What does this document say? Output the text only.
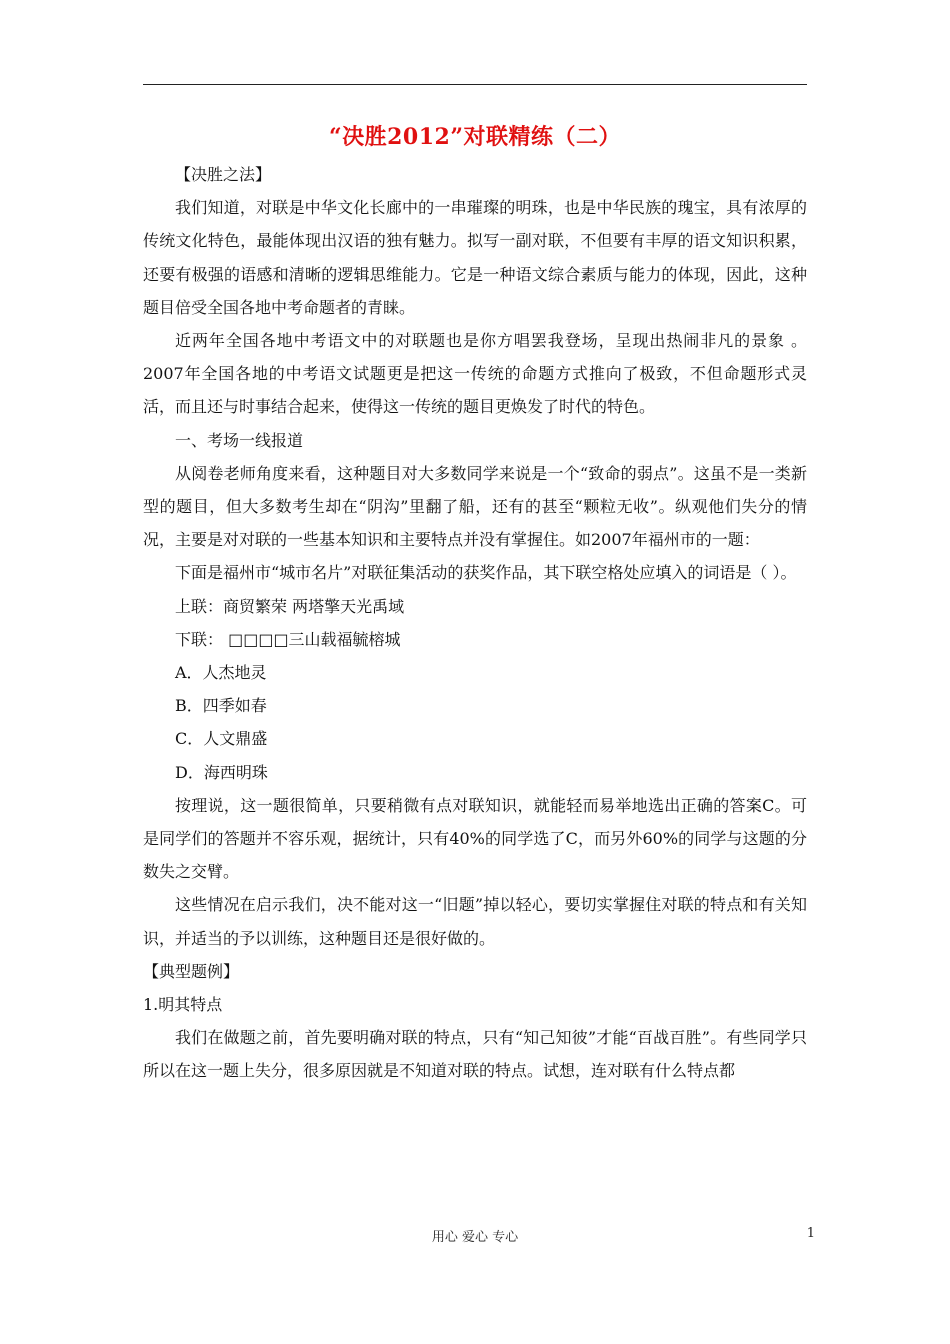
“决胜2012”对联精练（二）

【决胜之法】

我们知道，对联是中华文化长廊中的一串璀璨的明珠，也是中华民族的瑰宝，具有浓厚的传统文化特色，最能体现出汉语的独有魅力。拟写一副对联，不但要有丰厚的语文知识积累，还要有极强的语感和清晰的逻辑思维能力。它是一种语文综合素质与能力的体现，因此，这种题目倍受全国各地中考命题者的青睐。

近两年全国各地中考语文中的对联题也是你方唱罢我登场，呈现出热闹非凡的景象 。2007年全国各地的中考语文试题更是把这一传统的命题方式推向了极致，不但命题形式灵活，而且还与时事结合起来，使得这一传统的题目更焕发了时代的特色。

一、考场一线报道

从阅卷老师角度来看，这种题目对大多数同学来说是一个“致命的弱点”。这虽不是一类新型的题目，但大多数考生却在“阴沟”里翻了船，还有的甚至“颗粒无收”。纵观他们失分的情况，主要是对对联的一些基本知识和主要特点并没有掌握住。如2007年福州市的一题：

下面是福州市“城市名片”对联征集活动的获奖作品，其下联空格处应填入的词语是（ ）。

上联：商贸繁荣 两塔擎天光禹域

下联： □□□□三山载福毓榕城

A．人杰地灵

B．四季如春

C．人文鼎盛

D．海西明珠

按理说，这一题很简单，只要稍微有点对联知识，就能轻而易举地选出正确的答案C。可是同学们的答题并不容乐观，据统计，只有40%的同学选了C，而另外60%的同学与这题的分数失之交臂。

这些情况在启示我们，决不能对这一“旧题”掉以轻心，要切实掌握住对联的特点和有关知识，并适当的予以训练，这种题目还是很好做的。

【典型题例】

1.明其特点

我们在做题之前，首先要明确对联的特点，只有“知己知彼”才能“百战百胜”。有些同学只所以在这一题上失分，很多原因就是不知道对联的特点。试想，连对联有什么特点都

用心 爱心 专心	1
